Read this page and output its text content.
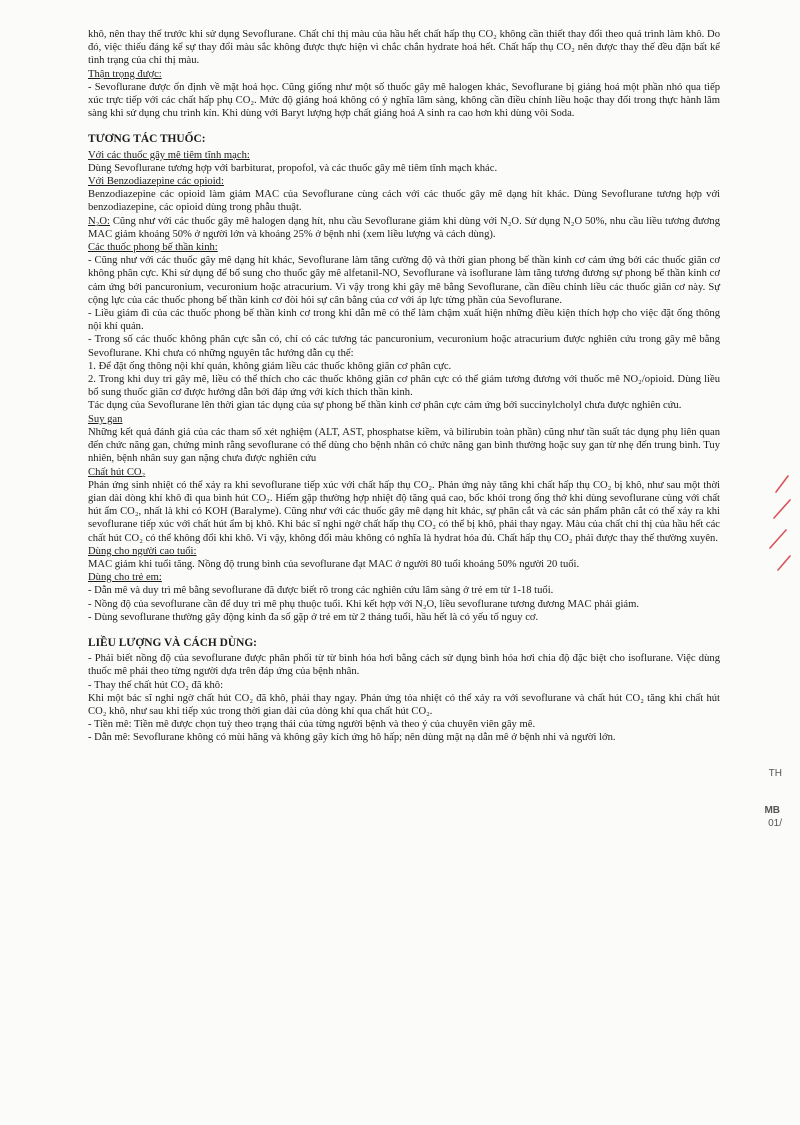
khô, nên thay thế trước khi sử dụng Sevoflurane. Chất chỉ thị màu của hầu hết chất hấp thụ CO₂ không cần thiết thay đổi theo quá trình làm khô. Do đó, việc thiếu đáng kể sự thay đổi màu sắc không được thực hiện vì chắc chắn hydrate hoá hết. Chất hấp thụ CO₂ nên được thay thế đều đặn bất kể tình trạng của chỉ thị màu.

Thận trọng được:

- Sevoflurane được ổn định về mặt hoá học. Cũng giống như một số thuốc gây mê halogen khác, Sevoflurane bị giáng hoá một phần nhỏ qua tiếp xúc trực tiếp với các chất hấp phụ CO₂. Mức độ giáng hoá không có ý nghĩa lâm sàng, không cần điều chỉnh liều hoặc thay đổi trong thực hành lâm sàng khi sử dụng chu trình kín. Khi dùng với Baryt lượng hợp chất giáng hoá A sinh ra cao hơn khi dùng vôi Soda.

TƯƠNG TÁC THUỐC:

Với các thuốc gây mê tiêm tĩnh mạch:

Dùng Sevoflurane tương hợp với barbiturat, propofol, và các thuốc gây mê tiêm tĩnh mạch khác.

Với Benzodiazepine các opioid:

Benzodiazepine các opioid làm giảm MAC của Sevoflurane cùng cách với các thuốc gây mê dạng hít khác. Dùng Sevoflurane tương hợp với benzodiazepine, các opioid dùng trong phẫu thuật.

N₂O: Cũng như với các thuốc gây mê halogen dạng hít, nhu cầu Sevoflurane giảm khi dùng với N₂O. Sử dụng N₂O 50%, nhu cầu liều tương đương MAC giảm khoảng 50% ở người lớn và khoảng 25% ở bệnh nhi (xem liều lượng và cách dùng).

Các thuốc phong bế thần kinh:

- Cũng như với các thuốc gây mê dạng hít khác, Sevoflurane làm tăng cường độ và thời gian phong bế thần kinh cơ cảm ứng bởi các thuốc giãn cơ không phân cực. Khi sử dụng để bổ sung cho thuốc gây mê alfetanil-NO, Sevoflurane và isoflurane làm tăng tương đương sự phong bế thần kinh cơ cảm ứng bởi pancuronium, vecuronium hoặc atracurium. Vì vậy trong khi gây mê bằng Sevoflurane, cần điều chỉnh liều các thuốc giãn cơ này. Sự cộng lực của các thuốc phong bế thần kinh cơ đòi hỏi sự cân bằng của cơ với áp lực từng phần của Sevoflurane.

- Liều giảm đi của các thuốc phong bế thần kinh cơ trong khi dẫn mê có thể làm chậm xuất hiện những điều kiện thích hợp cho việc đặt ống thông nội khí quản.

- Trong số các thuốc không phân cực sẵn có, chỉ có các tương tác pancuronium, vecuronium hoặc atracurium được nghiên cứu trong gây mê bằng Sevoflurane. Khi chưa có những nguyên tắc hướng dẫn cụ thể:

1. Để đặt ống thông nội khí quản, không giảm liều các thuốc không giãn cơ phân cực.

2. Trong khi duy trì gây mê, liều có thể thích cho các thuốc không giãn cơ phân cực có thể giảm tương đương với thuốc mê NO₂/opioid. Dùng liều bổ sung thuốc giãn cơ được hướng dẫn bởi đáp ứng với kích thích thần kinh.

Tác dụng của Sevoflurane lên thời gian tác dụng của sự phong bế thần kinh cơ phân cực cảm ứng bởi succinylcholyl chưa được nghiên cứu.

Suy gan

Những kết quả đánh giá của các tham số xét nghiệm (ALT, AST, phosphatse kiềm, và bilirubin toàn phần) cũng như tần suất tác dụng phụ liên quan đến chức năng gan, chứng minh rằng sevoflurane có thể dùng cho bệnh nhân có chức năng gan bình thường hoặc suy gan từ nhẹ đến trung bình. Tuy nhiên, bệnh nhân suy gan nặng chưa được nghiên cứu

Chất hút CO₂

Phản ứng sinh nhiệt có thể xảy ra khi sevoflurane tiếp xúc với chất hấp thụ CO₂. Phản ứng này tăng khi chất hấp thụ CO₂ bị khô, như sau một thời gian dài dòng khí khô đi qua bình hút CO₂. Hiếm gặp thường hợp nhiệt độ tăng quá cao, bốc khói trong ống thở khi dùng sevoflurane cùng với chất hút ẩm CO₂, nhất là khi có KOH (Baralyme). Cũng như với các thuốc gây mê dạng hít khác, sự phân cắt và các sản phẩm phân cắt có thể xảy ra khi sevoflurane tiếp xúc với chất hút ẩm bị khô. Khi bác sĩ nghi ngờ chất hấp thụ CO₂ có thể bị khô, phải thay ngay. Màu của chất chỉ thị của hầu hết các chất hút CO₂ có thể không đổi khi khô. Vì vậy, không đổi màu không có nghĩa là hydrat hóa đủ. Chất hấp thụ CO₂ phải được thay thế thường xuyên.

Dùng cho người cao tuổi:

MAC giảm khi tuổi tăng. Nồng độ trung bình của sevoflurane đạt MAC ở người 80 tuổi khoảng 50% người 20 tuổi.

Dùng cho trẻ em:

- Dẫn mê và duy trì mê bằng sevoflurane đã được biết rõ trong các nghiên cứu lâm sàng ở trẻ em từ 1-18 tuổi.

- Nồng độ của sevoflurane cần để duy trì mê phụ thuộc tuổi. Khi kết hợp với N₂O, liều sevoflurane tương đương MAC phải giảm.

- Dùng sevoflurane thường gây động kinh đa số gặp ở trẻ em từ 2 tháng tuổi, hầu hết là có yếu tố nguy cơ.

LIỀU LƯỢNG VÀ CÁCH DÙNG:

- Phải biết nồng độ của sevoflurane được phân phối từ từ bình hóa hơi bằng cách sử dụng bình hóa hơi chia độ đặc biệt cho isoflurane. Việc dùng thuốc mê phải theo từng người dựa trên đáp ứng của bệnh nhân.

- Thay thế chất hút CO₂ đã khô:

Khi một bác sĩ nghi ngờ chất hút CO₂ đã khô, phải thay ngay. Phản ứng tỏa nhiệt có thể xảy ra với sevoflurane và chất hút CO₂ tăng khi chất hút CO₂ khô, như sau khi tiếp xúc trong thời gian dài của dòng khí qua chất hút CO₂.

- Tiền mê: Tiền mê được chọn tuỳ theo trạng thái của từng người bệnh và theo ý của chuyên viên gây mê.

- Dẫn mê: Sevoflurane không có mùi hăng và không gây kích ứng hô hấp; nên dùng mặt nạ dẫn mê ở bệnh nhi và người lớn.

TH
MB
01/
